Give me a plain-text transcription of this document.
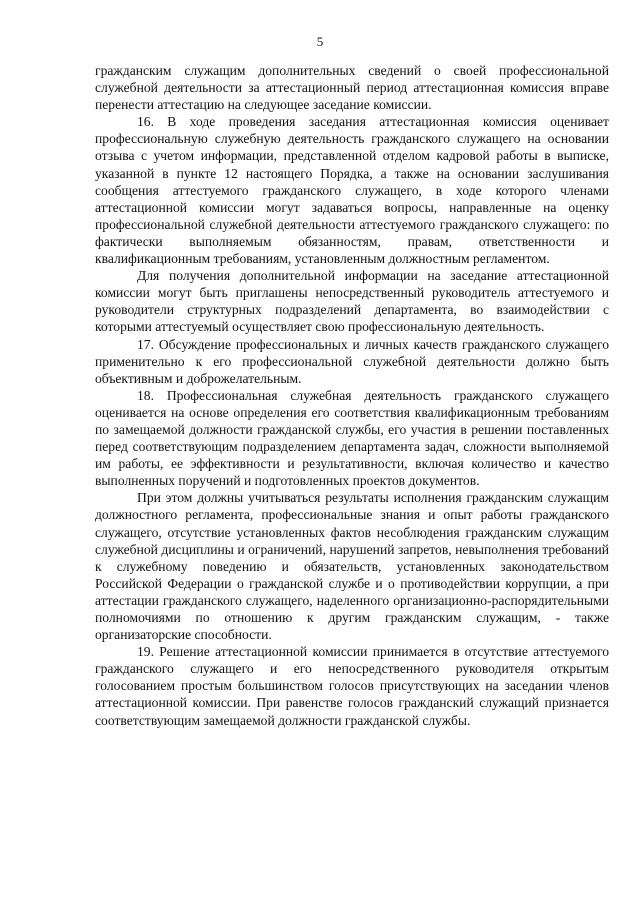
5

гражданским служащим дополнительных сведений о своей профессиональной служебной деятельности за аттестационный период аттестационная комиссия вправе перенести аттестацию на следующее заседание комиссии.

16. В ходе проведения заседания аттестационная комиссия оценивает профессиональную служебную деятельность гражданского служащего на основании отзыва с учетом информации, представленной отделом кадровой работы в выписке, указанной в пункте 12 настоящего Порядка, а также на основании заслушивания сообщения аттестуемого гражданского служащего, в ходе которого членами аттестационной комиссии могут задаваться вопросы, направленные на оценку профессиональной служебной деятельности аттестуемого гражданского служащего: по фактически выполняемым обязанностям, правам, ответственности и квалификационным требованиям, установленным должностным регламентом.

Для получения дополнительной информации на заседание аттестационной комиссии могут быть приглашены непосредственный руководитель аттестуемого и руководители структурных подразделений департамента, во взаимодействии с которыми аттестуемый осуществляет свою профессиональную деятельность.

17. Обсуждение профессиональных и личных качеств гражданского служащего применительно к его профессиональной служебной деятельности должно быть объективным и доброжелательным.

18. Профессиональная служебная деятельность гражданского служащего оценивается на основе определения его соответствия квалификационным требованиям по замещаемой должности гражданской службы, его участия в решении поставленных перед соответствующим подразделением департамента задач, сложности выполняемой им работы, ее эффективности и результативности, включая количество и качество выполненных поручений и подготовленных проектов документов.

При этом должны учитываться результаты исполнения гражданским служащим должностного регламента, профессиональные знания и опыт работы гражданского служащего, отсутствие установленных фактов несоблюдения гражданским служащим служебной дисциплины и ограничений, нарушений запретов, невыполнения требований к служебному поведению и обязательств, установленных законодательством Российской Федерации о гражданской службе и о противодействии коррупции, а при аттестации гражданского служащего, наделенного организационно-распорядительными полномочиями по отношению к другим гражданским служащим, - также организаторские способности.

19. Решение аттестационной комиссии принимается в отсутствие аттестуемого гражданского служащего и его непосредственного руководителя открытым голосованием простым большинством голосов присутствующих на заседании членов аттестационной комиссии. При равенстве голосов гражданский служащий признается соответствующим замещаемой должности гражданской службы.
